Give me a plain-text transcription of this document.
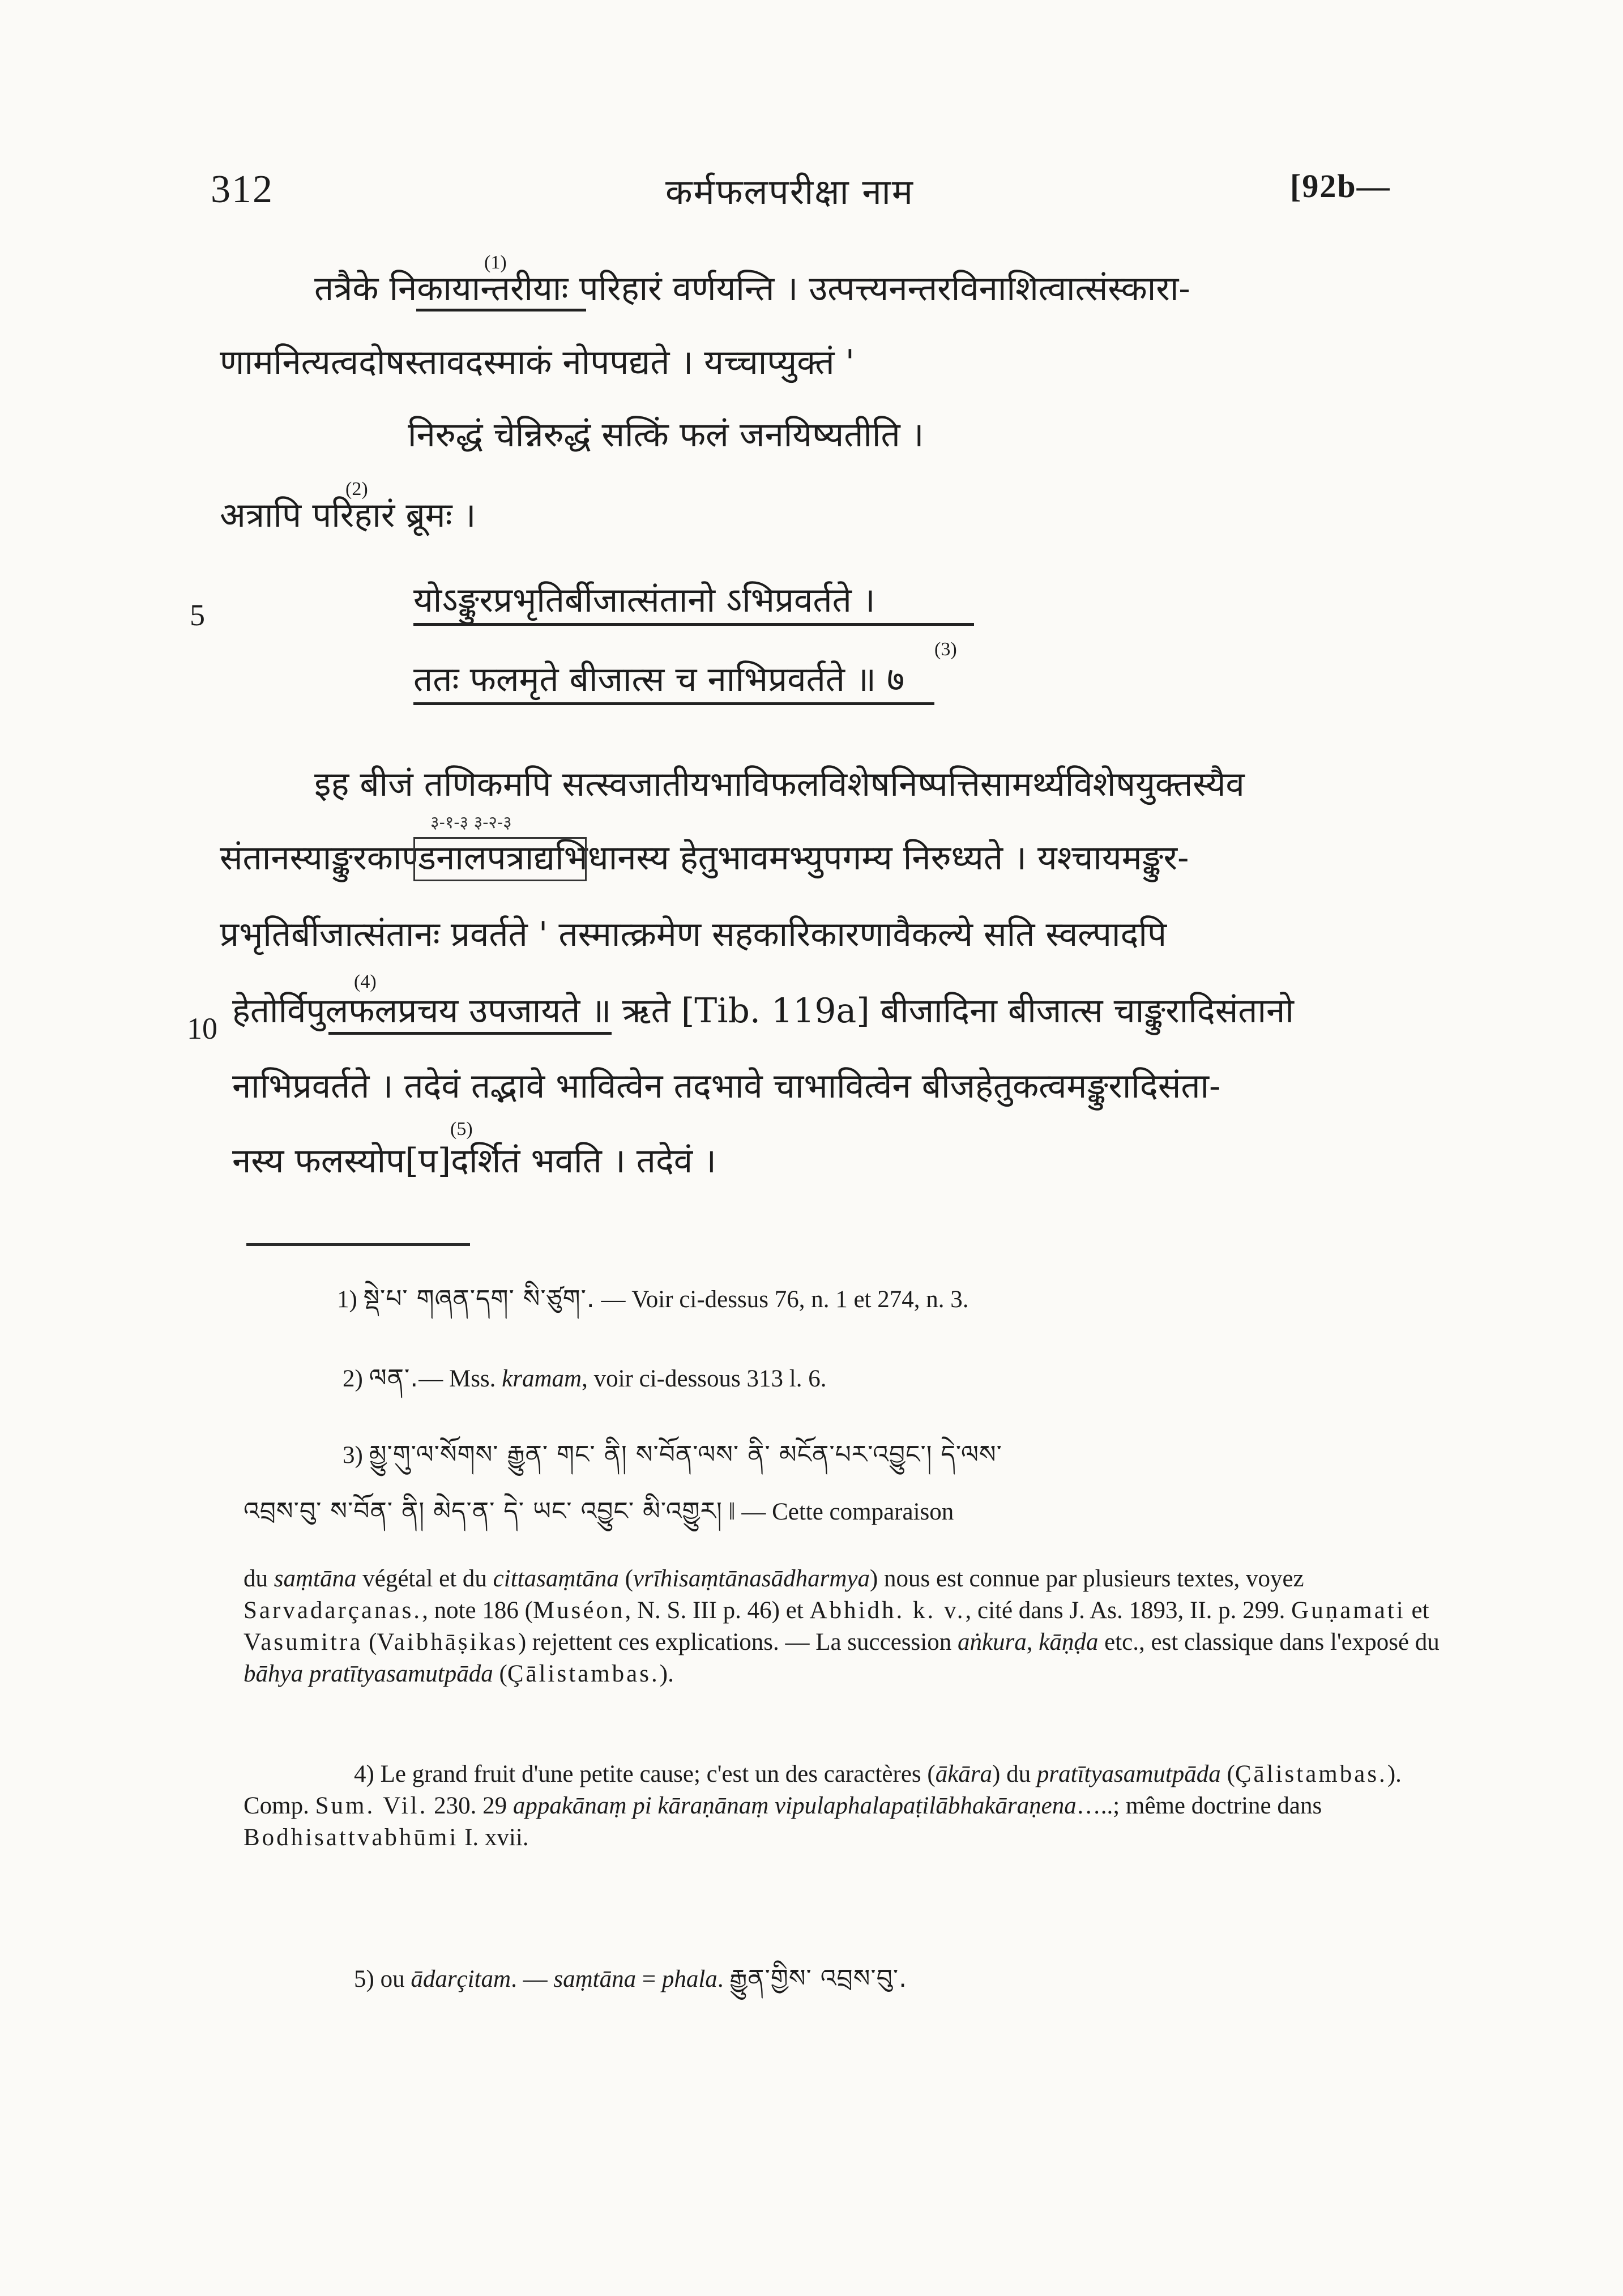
312	कर्मफलपरीक्षा नाम	[92b—
(1)
तत्रैके निकायान्तरीयाः परिहारं वर्णयन्ति । उत्पत्त्यनन्तरविनाशित्वात्संस्कारा-
णामनित्यत्वदोषस्तावदस्माकं नोपपद्यते । यच्चाप्युक्तं '
निरुद्धं चेन्निरुद्धं सत्किं फलं जनयिष्यतीति ।
(2)
अत्रापि परिहारं ब्रूमः ।
5	योऽङ्कुरप्रभृतिर्बीजात्संतानो ऽभिप्रवर्तते ।
(3)
ततः फलमृते बीजात्स च नाभिप्रवर्तते ॥ ७
इह बीजं तणिकमपि सत्स्वजातीयभाविफलविशेषनिष्पत्तिसामर्थ्यविशेषयुक्तस्यैव
३-१-३ ३-२-३
संतानस्याङ्कुरकाण्डनालपत्राद्यभिधानस्य हेतुभावमभ्युपगम्य निरुध्यते । यश्चायमङ्कुर-
प्रभृतिर्बीजात्संतानः प्रवर्तते ' तस्मात्क्रमेण सहकारिकारणावैकल्ये सति स्वल्पादपि
(4)
10 हेतोर्विपुलफलप्रचय उपजायते ॥ ऋते [Tib. 119a] बीजादिना बीजात्स चाङ्कुरादिसंतानो
नाभिप्रवर्तते । तदेवं तद्भावे भावित्वेन तदभावे चाभावित्वेन बीजहेतुकत्वमङ्कुरादिसंता-
(5)
नस्य फलस्योप[प]दर्शितं भवति । तदेवं ।
1) སྡེ་པ་ གཞན་དག་ སི་ཙུག་. — Voir ci-dessus 76, n. 1 et 274, n. 3.
2) ལན་.— Mss. kramam, voir ci-dessous 313 l. 6.
3) མྱུ་གུ་ལ་སོགས་ རྒྱུན་ གང་ ནི། ས་བོན་ལས་ ནི་ མངོན་པར་འབྱུང་། དེ་ལས་
འབྲས་བུ་ ས་བོན་ ནི། མེད་ན་ དེ་ ཡང་ འབྱུང་ མི་འགྱུར། ‖ — Cette comparaison
du saṃtāna végétal et du cittasaṃtāna (vrīhisaṃtānasādharmya) nous est connue par plusieurs textes, voyez Sarvadarçanas., note 186 (Muséon, N. S. III p. 46) et Abhidh. k. v., cité dans J. As. 1893, II. p. 299. Guṇamati et Vasumitra (Vaibhāṣikas) rejettent ces explications. — La succession aṅkura, kāṇḍa etc., est classique dans l'exposé du bāhya pratītyasamutpāda (Çālistambas.).
4) Le grand fruit d'une petite cause; c'est un des caractères (ākāra) du pratītyasamutpāda (Çālistambas.). Comp. Sum. Vil. 230. 29 appakānaṃ pi kāraṇānaṃ vipulaphalapaṭilābhakāraṇena…..; même doctrine dans Bodhisattvabhūmi I. xvii.
5) ou ādarçitam. — saṃtāna = phala. རྒྱུན་གྱིས་ འབྲས་བུ་.
